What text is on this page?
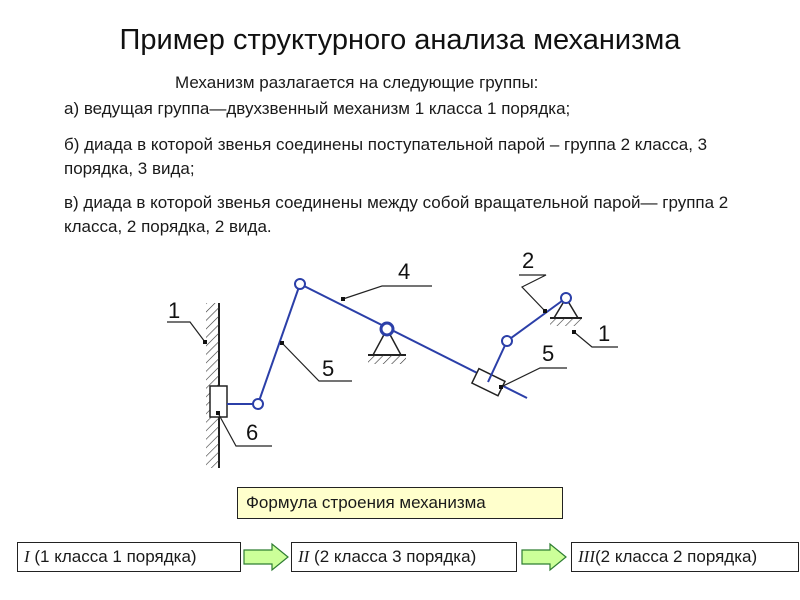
Пример структурного анализа механизма
Механизм разлагается на следующие группы:
а) ведущая группа—двухзвенный механизм 1 класса 1 порядка;
б) диада в которой звенья соединены поступательной парой – группа 2 класса, 3 порядка, 3 вида;
в) диада в которой звенья соединены между собой вращательной парой— группа 2 класса, 2 порядка, 2 вида.
1
4
5
6
2
1
5
Формула строения механизма
I (1 класса 1 порядка)	II (2 класса 3 порядка)	III(2 класса 2 порядка)
